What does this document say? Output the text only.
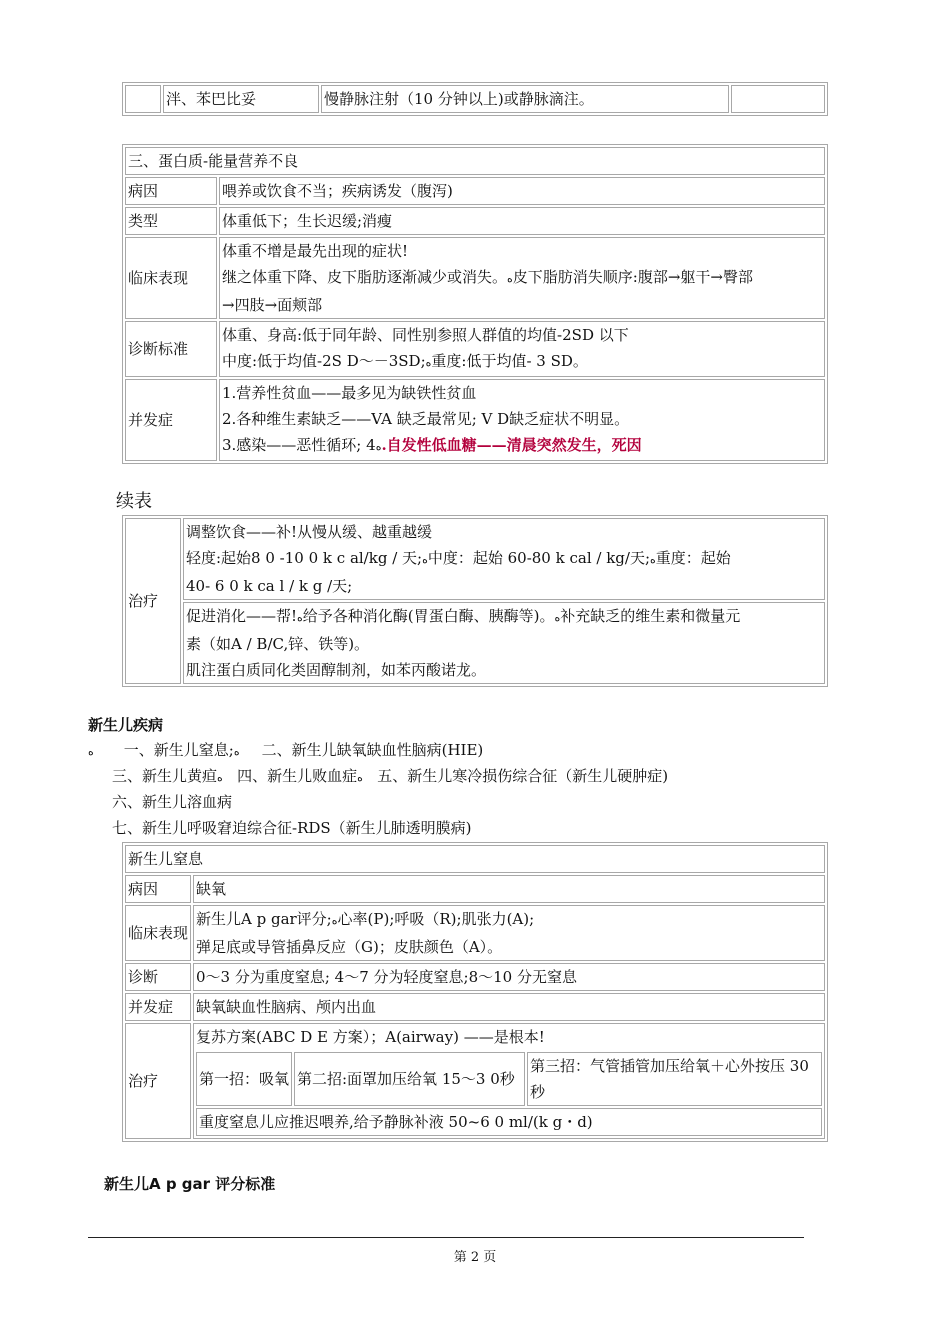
	泮、苯巴比妥	慢静脉注射（10 分钟以上)或静脉滴注。	
三、蛋白质-能量营养不良	
病因	喂养或饮食不当；疾病诱发（腹泻)
类型	体重低下；生长迟缓;消瘦
临床表现	体重不增是最先出现的症状!
继之体重下降、皮下脂肪逐渐减少或消失。ﻩ皮下脂肪消失顺序:腹部→躯干→臀部
→四肢→面颊部

诊断标准	体重、身高:低于同年龄、同性别参照人群值的均值-2SD 以下
中度:低于均值-2S D～－3SD;ﻩ重度:低于均值- 3 SD。

并发症	1.营养性贫血——最多见为缺铁性贫血
2.各种维生素缺乏——VA 缺乏最常见; V D缺乏症状不明显。
3.感染——恶性循环; 4ﻩ.自发性低血糖——清晨突然发生，死因
续表
治疗	
调整饮食——补!从慢从缓、越重越缓
轻度:起始8 0 -10 0 k c al/kg / 天;ﻩ中度：起始 60-80 k cal / kg/天;ﻩ重度：起始
40- 6 0 k ca l / k g /天;

促进消化——帮!ﻩ给予各种消化酶(胃蛋白酶、胰酶等)。ﻩ补充缺乏的维生素和微量元
素（如A / B/C,锌、铁等)。
肌注蛋白质同化类固醇制剂，如苯丙酸诺龙。
新生儿疾病
ﻩ 一、新生儿窒息;ﻩ 二、新生儿缺氧缺血性脑病(HIE)
三、新生儿黄疸ﻩ 四、新生儿败血症ﻩ 五、新生儿寒冷损伤综合征（新生儿硬肿症)
六、新生儿溶血病
七、新生儿呼吸窘迫综合征-RDS（新生儿肺透明膜病)
新生儿窒息
病因	缺氧
临床表现	
新生儿A p gar评分;ﻩ心率(P);呼吸（R);肌张力(A);
弹足底或导管插鼻反应（G)；皮肤颜色（A）。

诊断	0～3 分为重度窒息; 4～7 分为轻度窒息;8～10 分无窒息
并发症	缺氧缺血性脑病、颅内出血
治疗	
复苏方案(ABC D E 方案）；A(airway) ——是根本!
第一招：吸氧	第二招:面罩加压给氧 15～3 0秒	第三招：气管插管加压给氧＋心外按压 30 秒
重度窒息儿应推迟喂养,给予静脉补液 50~6 0 ml/(k g・d)
新生儿A p gar 评分标准
第 2 页
